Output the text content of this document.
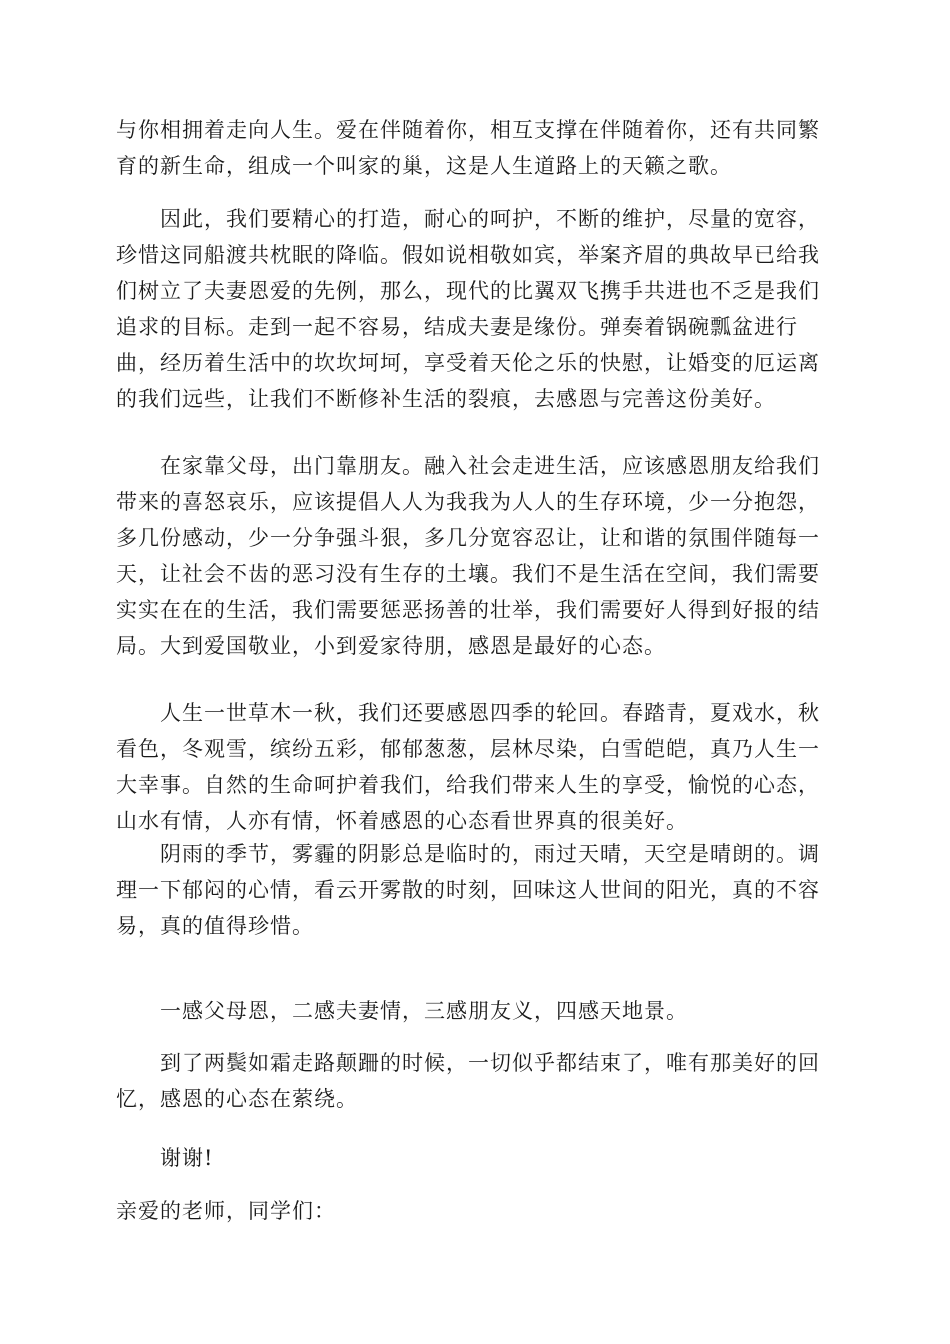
与你相拥着走向人生。爱在伴随着你，相互支撑在伴随着你，还有共同繁育的新生命，组成一个叫家的巢，这是人生道路上的天籁之歌。

因此，我们要精心的打造，耐心的呵护，不断的维护，尽量的宽容，珍惜这同船渡共枕眠的降临。假如说相敬如宾，举案齐眉的典故早已给我们树立了夫妻恩爱的先例，那么，现代的比翼双飞携手共进也不乏是我们追求的目标。走到一起不容易，结成夫妻是缘份。弹奏着锅碗瓢盆进行曲，经历着生活中的坎坎坷坷，享受着天伦之乐的快慰，让婚变的厄运离的我们远些，让我们不断修补生活的裂痕，去感恩与完善这份美好。

在家靠父母，出门靠朋友。融入社会走进生活，应该感恩朋友给我们带来的喜怒哀乐，应该提倡人人为我我为人人的生存环境，少一分抱怨，多几份感动，少一分争强斗狠，多几分宽容忍让，让和谐的氛围伴随每一天，让社会不齿的恶习没有生存的土壤。我们不是生活在空间，我们需要实实在在的生活，我们需要惩恶扬善的壮举，我们需要好人得到好报的结局。大到爱国敬业，小到爱家待朋，感恩是最好的心态。

人生一世草木一秋，我们还要感恩四季的轮回。春踏青，夏戏水，秋看色，冬观雪，缤纷五彩，郁郁葱葱，层林尽染，白雪皑皑，真乃人生一大幸事。自然的生命呵护着我们，给我们带来人生的享受，愉悦的心态，山水有情，人亦有情，怀着感恩的心态看世界真的很美好。

阴雨的季节，雾霾的阴影总是临时的，雨过天晴，天空是晴朗的。调理一下郁闷的心情，看云开雾散的时刻，回味这人世间的阳光，真的不容易，真的值得珍惜。

一感父母恩，二感夫妻情，三感朋友义，四感天地景。

到了两鬓如霜走路颠跚的时候，一切似乎都结束了，唯有那美好的回忆，感恩的心态在萦绕。

谢谢!

亲爱的老师，同学们：
